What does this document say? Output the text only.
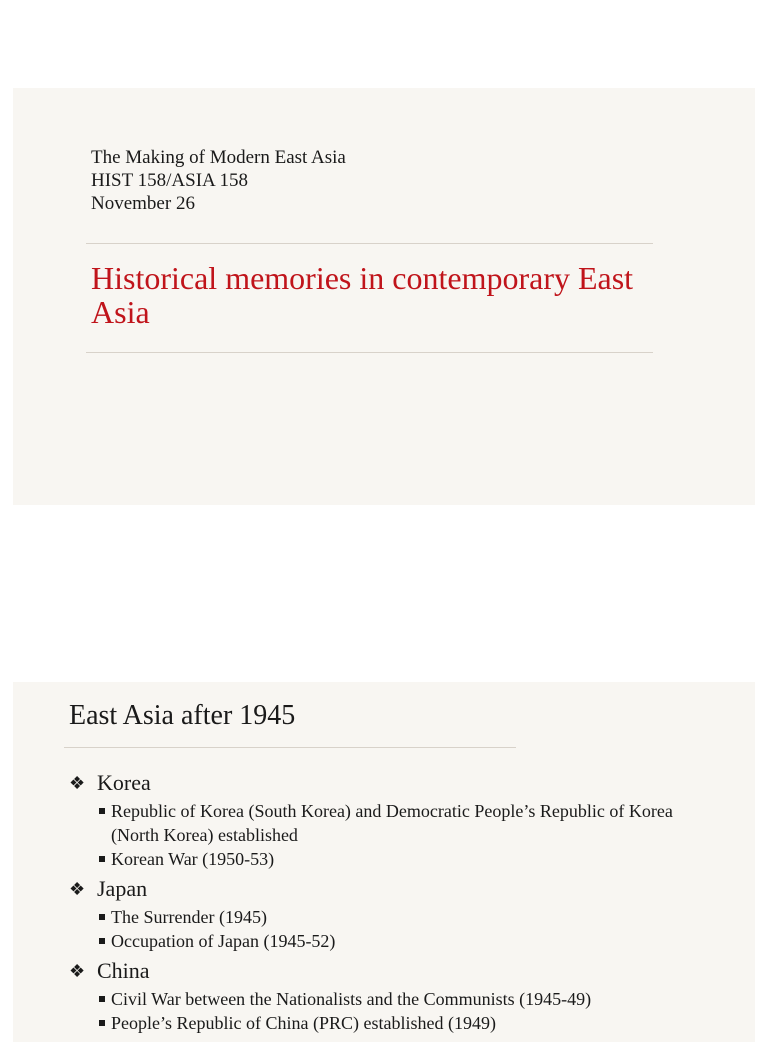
The Making of Modern East Asia
HIST 158/ASIA 158
November 26
Historical memories in contemporary East Asia
East Asia after 1945
❖ Korea
Republic of Korea (South Korea) and Democratic People’s Republic of Korea (North Korea) established
Korean War (1950-53)
❖ Japan
The Surrender (1945)
Occupation of Japan (1945-52)
❖ China
Civil War between the Nationalists and the Communists (1945-49)
People’s Republic of China (PRC) established (1949)
